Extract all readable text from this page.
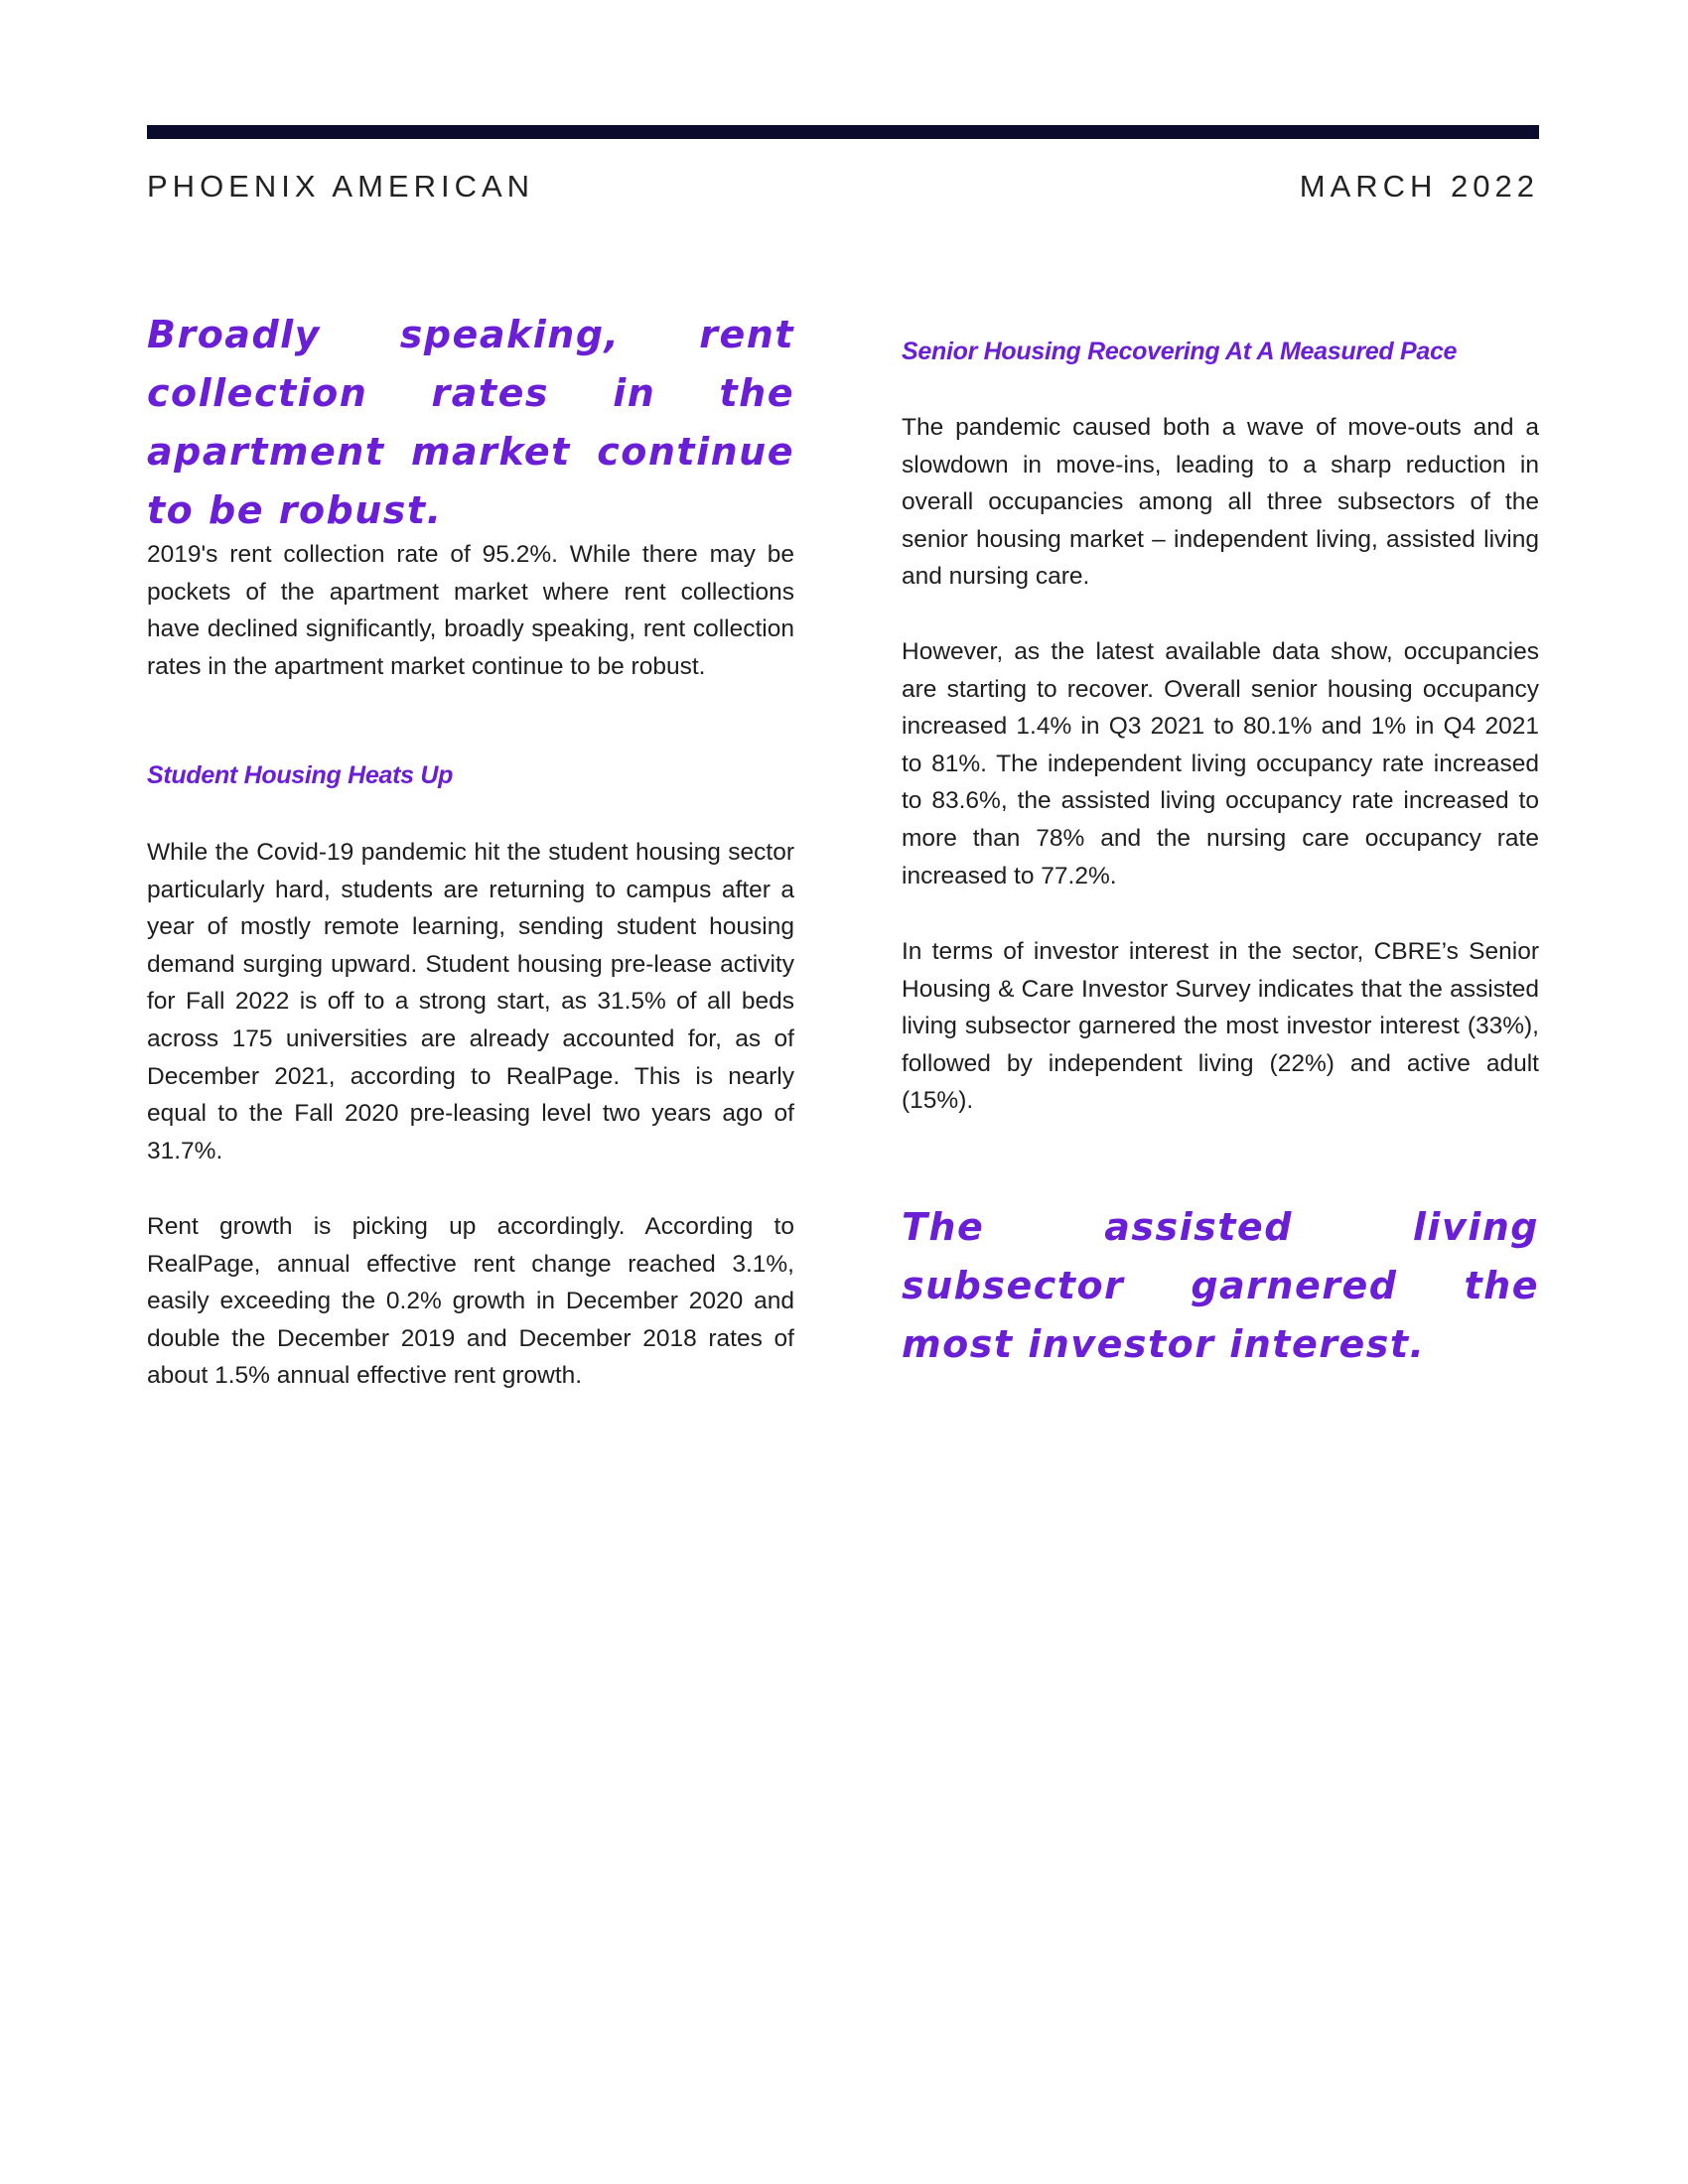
PHOENIX AMERICAN	MARCH 2022

Broadly speaking, rent collection rates in the apartment market continue to be robust.

2019's rent collection rate of 95.2%. While there may be pockets of the apartment market where rent collections have declined significantly, broadly speaking, rent collection rates in the apartment market continue to be robust.

Student Housing Heats Up

While the Covid-19 pandemic hit the student housing sector particularly hard, students are returning to campus after a year of mostly remote learning, sending student housing demand surging upward. Student housing pre-lease activity for Fall 2022 is off to a strong start, as 31.5% of all beds across 175 universities are already accounted for, as of December 2021, according to RealPage. This is nearly equal to the Fall 2020 pre-leasing level two years ago of 31.7%.

Rent growth is picking up accordingly. According to RealPage, annual effective rent change reached 3.1%, easily exceeding the 0.2% growth in December 2020 and double the December 2019 and December 2018 rates of about 1.5% annual effective rent growth.

Senior Housing Recovering At A Measured Pace

The pandemic caused both a wave of move-outs and a slowdown in move-ins, leading to a sharp reduction in overall occupancies among all three subsectors of the senior housing market – independent living, assisted living and nursing care.

However, as the latest available data show, occupancies are starting to recover. Overall senior housing occupancy increased 1.4% in Q3 2021 to 80.1% and 1% in Q4 2021 to 81%. The independent living occupancy rate increased to 83.6%, the assisted living occupancy rate increased to more than 78% and the nursing care occupancy rate increased to 77.2%.

In terms of investor interest in the sector, CBRE’s Senior Housing & Care Investor Survey indicates that the assisted living subsector garnered the most investor interest (33%), followed by independent living (22%) and active adult (15%).

The assisted living subsector garnered the most investor interest.
